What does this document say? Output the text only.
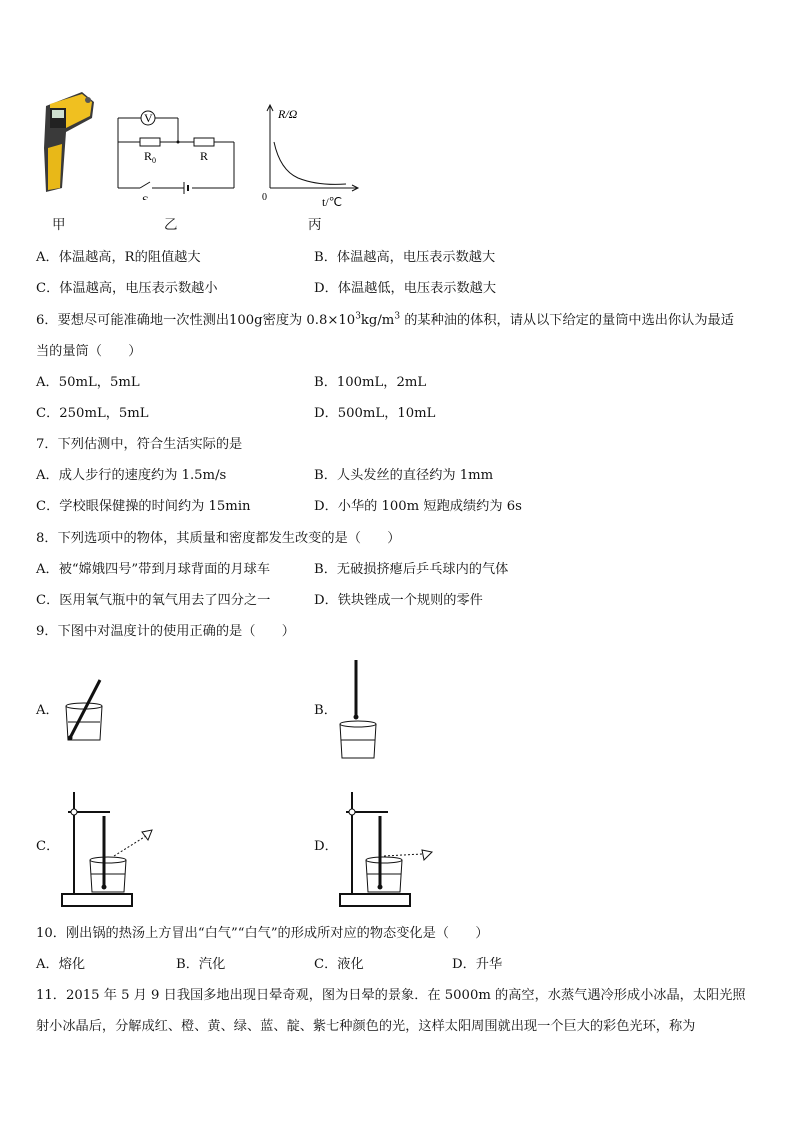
甲
V
R 0	R
S
乙
R/Ω
0	t/℃
丙
A．体温越高，R的阻值越大	B．体温越高，电压表示数越大
C．体温越高，电压表示数越小	D．体温越低，电压表示数越大
6．要想尽可能准确地一次性测出100g密度为 $0.8\times 10^3kg/m^3$ 的某种油的体积，请从以下给定的量筒中选出你认为最适
当的量筒（　　）
A．50mL，5mL	B．100mL，2mL
C．250mL，5mL	D．500mL，10mL
7．下列估测中，符合生活实际的是
A．成人步行的速度约为 1.5m/s	B．人头发丝的直径约为 1mm
C．学校眼保健操的时间约为 15min	D．小华的 100m 短跑成绩约为 6s
8．下列选项中的物体，其质量和密度都发生改变的是（　　）
A．被“嫦娥四号”带到月球背面的月球车	B．无破损挤瘪后乒乓球内的气体
C．医用氧气瓶中的氧气用去了四分之一	D．铁块锉成一个规则的零件
9．下图中对温度计的使用正确的是（　　）
A．	B．
C．	D．
10．刚出锅的热汤上方冒出“白气”“白气”的形成所对应的物态变化是（　　）
A．熔化	B．汽化	C．液化	D．升华
11．2015 年 5 月 9 日我国多地出现日晕奇观，图为日晕的景象．在 5000m 的高空，水蒸气遇冷形成小冰晶，太阳光照
射小冰晶后，分解成红、橙、黄、绿、蓝、靛、紫七种颜色的光，这样太阳周围就出现一个巨大的彩色光环，称为
